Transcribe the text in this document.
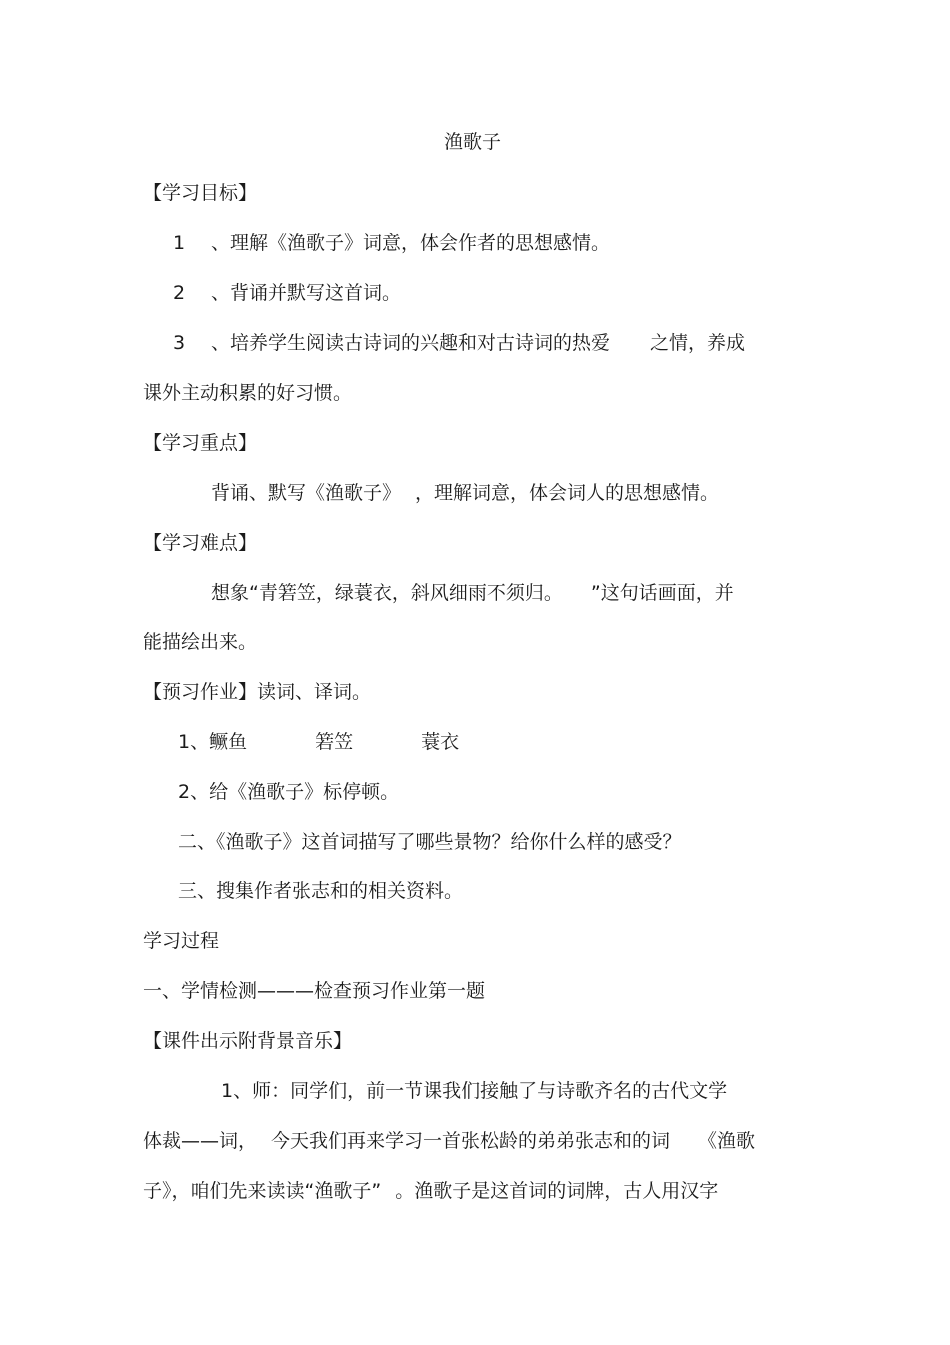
渔歌子
【学习目标】
1 、理解《渔歌子》词意，体会作者的思想感情。
2 、背诵并默写这首词。
3 、培养学生阅读古诗词的兴趣和对古诗词的热爱 之情，养成
课外主动积累的好习惯。
【学习重点】
背诵、默写《渔歌子》 ，理解词意，体会词人的思想感情。
【学习难点】
想象“青箬笠，绿蓑衣，斜风细雨不须归。 ”这句话画面，并
能描绘出来。
【预习作业】读词、译词。
1、鳜鱼	箬笠	蓑衣
2、给《渔歌子》标停顿。
二、《渔歌子》这首词描写了哪些景物？给你什么样的感受？
三、搜集作者张志和的相关资料。
学习过程
一、学情检测———检查预习作业第一题
【课件出示附背景音乐】
1、师：同学们，前一节课我们接触了与诗歌齐名的古代文学
体裁——词， 今天我们再来学习一首张松龄的弟弟张志和的词 《渔歌
子》，咱们先来读读“渔歌子” 。渔歌子是这首词的词牌，古人用汉字
